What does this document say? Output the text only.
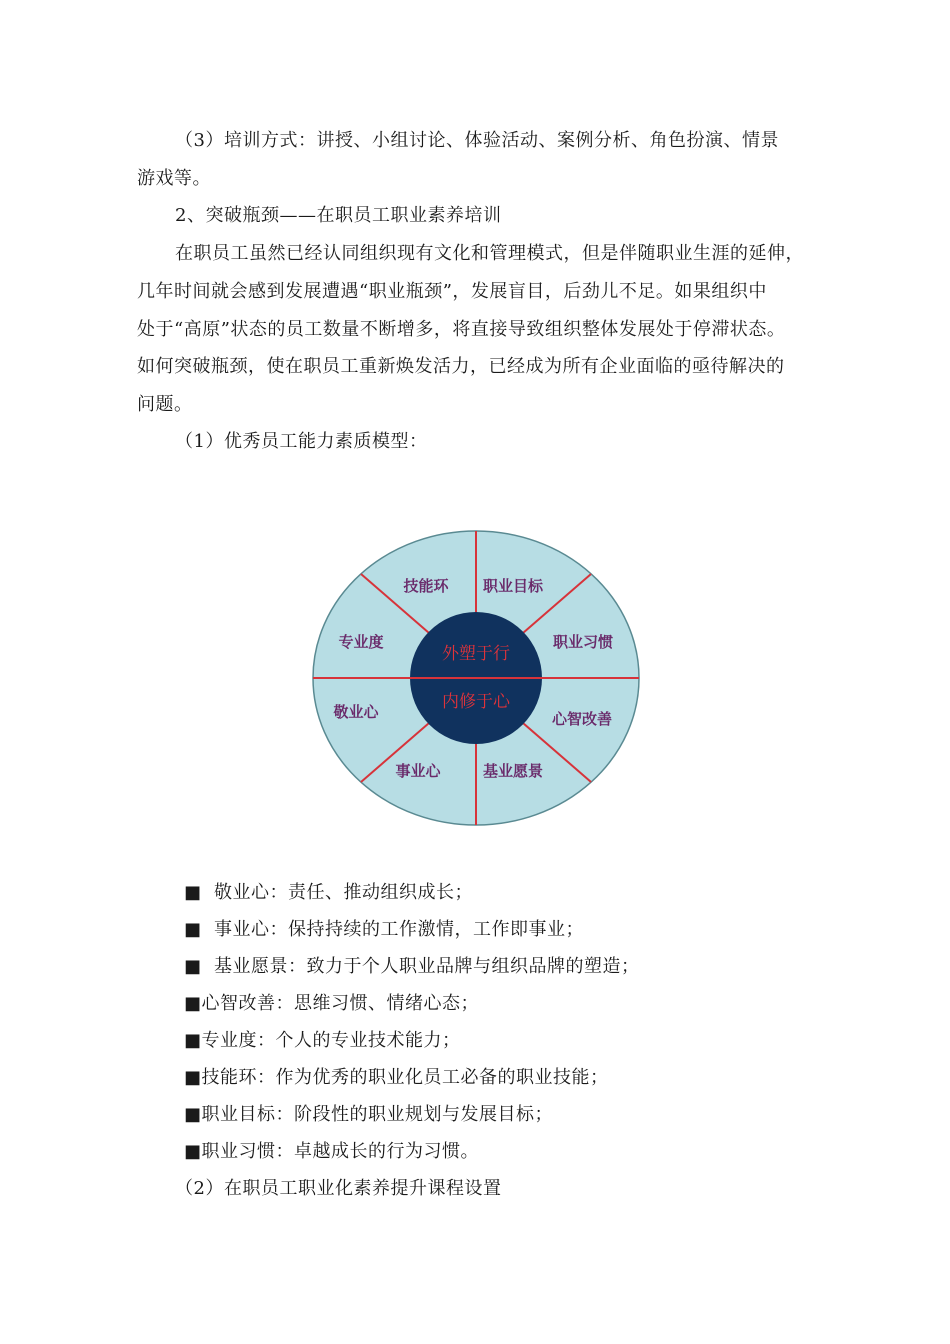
（3）培训方式：讲授、小组讨论、体验活动、案例分析、角色扮演、情景
游戏等。
2、突破瓶颈——在职员工职业素养培训
在职员工虽然已经认同组织现有文化和管理模式，但是伴随职业生涯的延伸，
几年时间就会感到发展遭遇“职业瓶颈”，发展盲目，后劲儿不足。如果组织中
处于“高原”状态的员工数量不断增多，将直接导致组织整体发展处于停滞状态。
如何突破瓶颈，使在职员工重新焕发活力，已经成为所有企业面临的亟待解决的
问题。
（1）优秀员工能力素质模型：
外塑于行
内修于心
技能环 职业目标
职业习惯
心智改善
基业愿景
事业心
敬业心
专业度
■ 敬业心：责任、推动组织成长；
■ 事业心：保持持续的工作激情，工作即事业；
■ 基业愿景：致力于个人职业品牌与组织品牌的塑造；
■心智改善：思维习惯、情绪心态；
■专业度：个人的专业技术能力；
■技能环：作为优秀的职业化员工必备的职业技能；
■职业目标：阶段性的职业规划与发展目标；
■职业习惯：卓越成长的行为习惯。
（2）在职员工职业化素养提升课程设置
